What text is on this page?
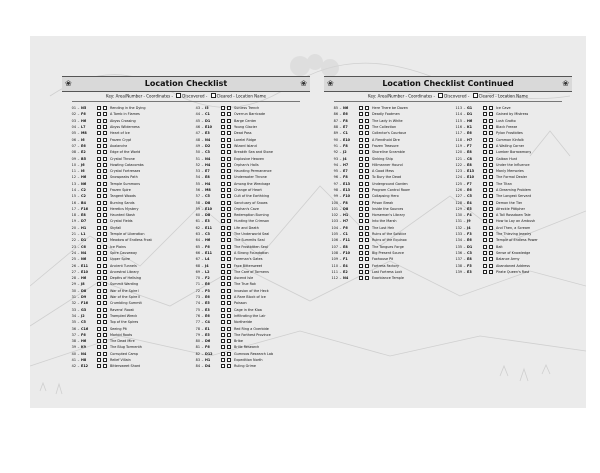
❀	Location Checklist	❀
Key: Area/Number - Coordinates - Discovered - Cleared - Location Name
01 – N5	Rending in the Dying
02 – F6	A Tomb in Flames
03 – H6	Abyss Crossing
04 – L7	Abyss Wilderness
05 – M8	Heart of Ice
06 – I6	Frozen Crypt
07 – E6	Avalanche
08 – E2	Edge of the World
09 – B5	Crystal Throne
10 – J6	Howling Catacombs
11 – I6	Crystal Fortresses
12 – H6	Snowpeaks Path
13 – N6	Temple Summons
14 – C2	Frozen Spire
15 – C2	Tangent Woods
16 – B4	Burning Sands
17 – F16	Heretics Mystery
18 – E8	Haunted Stash
19 – D7	Crystal Fields
20 – H1	Skyfall
21 – L1	Temple of Liberation
22 – D1	Meadow of Endless Frost
23 – C6	Ice Plains
24 – N4	Spire Causeway
25 – N6	Upper Spire
26 – E11	Ancient Tunnels
27 – E10	Ancestral Library
28 – H6	Depths of Hellsing
29 – J8	Summit Warding
30 – D8	War of the Spire I
31 – D9	War of the Spire II
32 – F16	Crumbling Summit
33 – G3	Ravens' Roost
34 – J2	Trampled Wreck
35 – C5	Top of the Spires
36 – C16	Seeing Pit
37 – F6	Morbid Roots
38 – H6	The Dead Mire
39 – K9	The Blug Tormenth
40 – N4	Corrupted Camp
41 – H8	Relief Villain
42 – E12	Bittersweet Shard
43 – I5	Sunless Trench
44 – C1	Overrun Barricade
45 – D1	Barge Center
46 – E10	Young Glacier
47 – E3	Dead Pass
48 – N4	Lorelei Ridge
49 – D2	Wizard Island
50 – C3	Breakth Sea and Stone
51 – N4	Explosive Heaven
52 – H4	Orphan's Halls
53 – E7	Haunting Permanence
54 – E8	Underwater Throne
55 – H4	Among the Wreckage
56 – M8	Change of Heart
57 – C5	Cult of the Earthking
58 – D8	Sanctuary of Snows
59 – E10	Orphan's Cave
60 – D8	Redemption Burning
61 – E3	Hunting the Crimson
62 – E11	Life and Death
63 – C3	The Underworld Seal
64 – H6	The Summits Seal
65 – F6	The Frostbitten Seal
66 – E11	A Strong Foundation
67 – L4	Foreman's Gates
68 – J4	Face Bittersweet
69 – L2	The Care of Tormens
70 – F2	Ascend Isle
71 – E6	The True Rok
72 – P3	Invasion of the Heck
73 – E6	A Rare Block of Ice
74 – E5	Poisson
75 – E3	Cage in the Kioa
76 – E6	Infiltrating the Lair
77 – C4	Northeride
78 – E1	Red Ring a Overbide
79 – E5	The Farthest Province
80 – D6	Bribe
81 – F6	Brille Research
82 – D12	Gumroos Research Lab
83 – H1	Expedition North
84 – D4	Ruling Grime
❀	Location Checklist Continued	❀
Key: Area/Number - Coordinates - Discovered - Cleared - Location Name
85 – N6	Here There be Dozen
86 – E6	Deadly Footmen
87 – F8	The Lady in White
88 – E7	The Collection
89 – C1	Collector's Courtoue
90 – E10	A Fiendhold Dire
91 – F8	Frozen Treasure
92 – J2	Shoreline Scramble
93 – J4	Sinking Ship
94 – H7	Hillmanner Hound
95 – E7	A Good Mess
96 – F8	To Bury the Dead
97 – E13	Underground Garden
98 – E13	Program Control Room
99 – F10	Collapsing Hero
100 – F8	Prison Break
101 – D8	Inside the Sources
102 – H1	Horseman's Library
103 – H7	Into the Marsh
104 – F6	The Lost Heir
105 – C1	Ruins of the Solstice
106 – F11	Ruins of the Equinox
107 – E8	The Tongues Forge
108 – F10	Big Present Source
109 – F1	Foxhouse Pit
110 – E4	Fortress Factory
111 – E2	Lost Fortress Lock
112 – N4	Exorbiance Temple
113 – G1	Ice Cave
114 – D1	Gained by Mistress
115 – H6	Lush Grotto
116 – K1	Black Freeze
117 – E6	Pylon Frostbites
118 – H7	Common Kinfolk
119 – F7	A Wailing Corner
120 – E8	Lumber Borrowmony
121 – C8	Gaiban Hunt
122 – E8	Under the Influence
123 – E13	Manly Memories
124 – E10	The Formal Dealer
125 – F7	The Titan
126 – E6	A Dreaming Problem
127 – C5	The Longest Servant
128 – E4	Demon the Tier
129 – E5	Afreckle Pittipher
130 – F4	A Tall Rossdown Tale
131 – J9	How to Lay an Ambush
132 – J4	And Then, a Scream
133 – F3	The Thieving Jewelry
134 – E6	Temple of Endless Power
135 – D1	Bait
136 – C3	Sense of Knowledge
137 – E8	Balance Army
138 – F5	Abandoned Address
139 – E3	Pirate Queen's Rast
